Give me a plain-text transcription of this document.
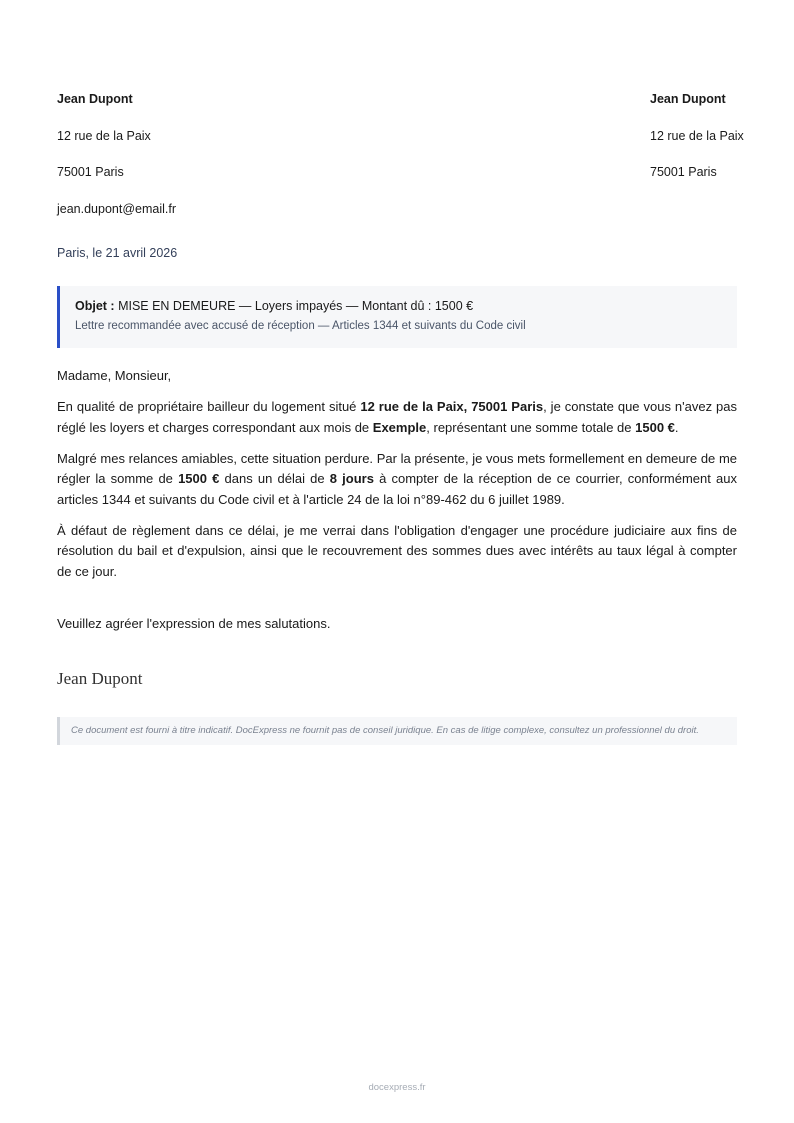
Jean Dupont
12 rue de la Paix
75001 Paris
jean.dupont@email.fr
Jean Dupont
12 rue de la Paix
75001 Paris
Paris, le 21 avril 2026
Objet : MISE EN DEMEURE — Loyers impayés — Montant dû : 1500 €
Lettre recommandée avec accusé de réception — Articles 1344 et suivants du Code civil

Madame, Monsieur,

En qualité de propriétaire bailleur du logement situé 12 rue de la Paix, 75001 Paris, je constate que vous n'avez pas réglé les loyers et charges correspondant aux mois de Exemple, représentant une somme totale de 1500 €.

Malgré mes relances amiables, cette situation perdure. Par la présente, je vous mets formellement en demeure de me régler la somme de 1500 € dans un délai de 8 jours à compter de la réception de ce courrier, conformément aux articles 1344 et suivants du Code civil et à l'article 24 de la loi n°89-462 du 6 juillet 1989.

À défaut de règlement dans ce délai, je me verrai dans l'obligation d'engager une procédure judiciaire aux fins de résolution du bail et d'expulsion, ainsi que le recouvrement des sommes dues avec intérêts au taux légal à compter de ce jour.

Veuillez agréer l'expression de mes salutations.
Jean Dupont
Ce document est fourni à titre indicatif. DocExpress ne fournit pas de conseil juridique. En cas de litige complexe, consultez un professionnel du droit.
docexpress.fr
